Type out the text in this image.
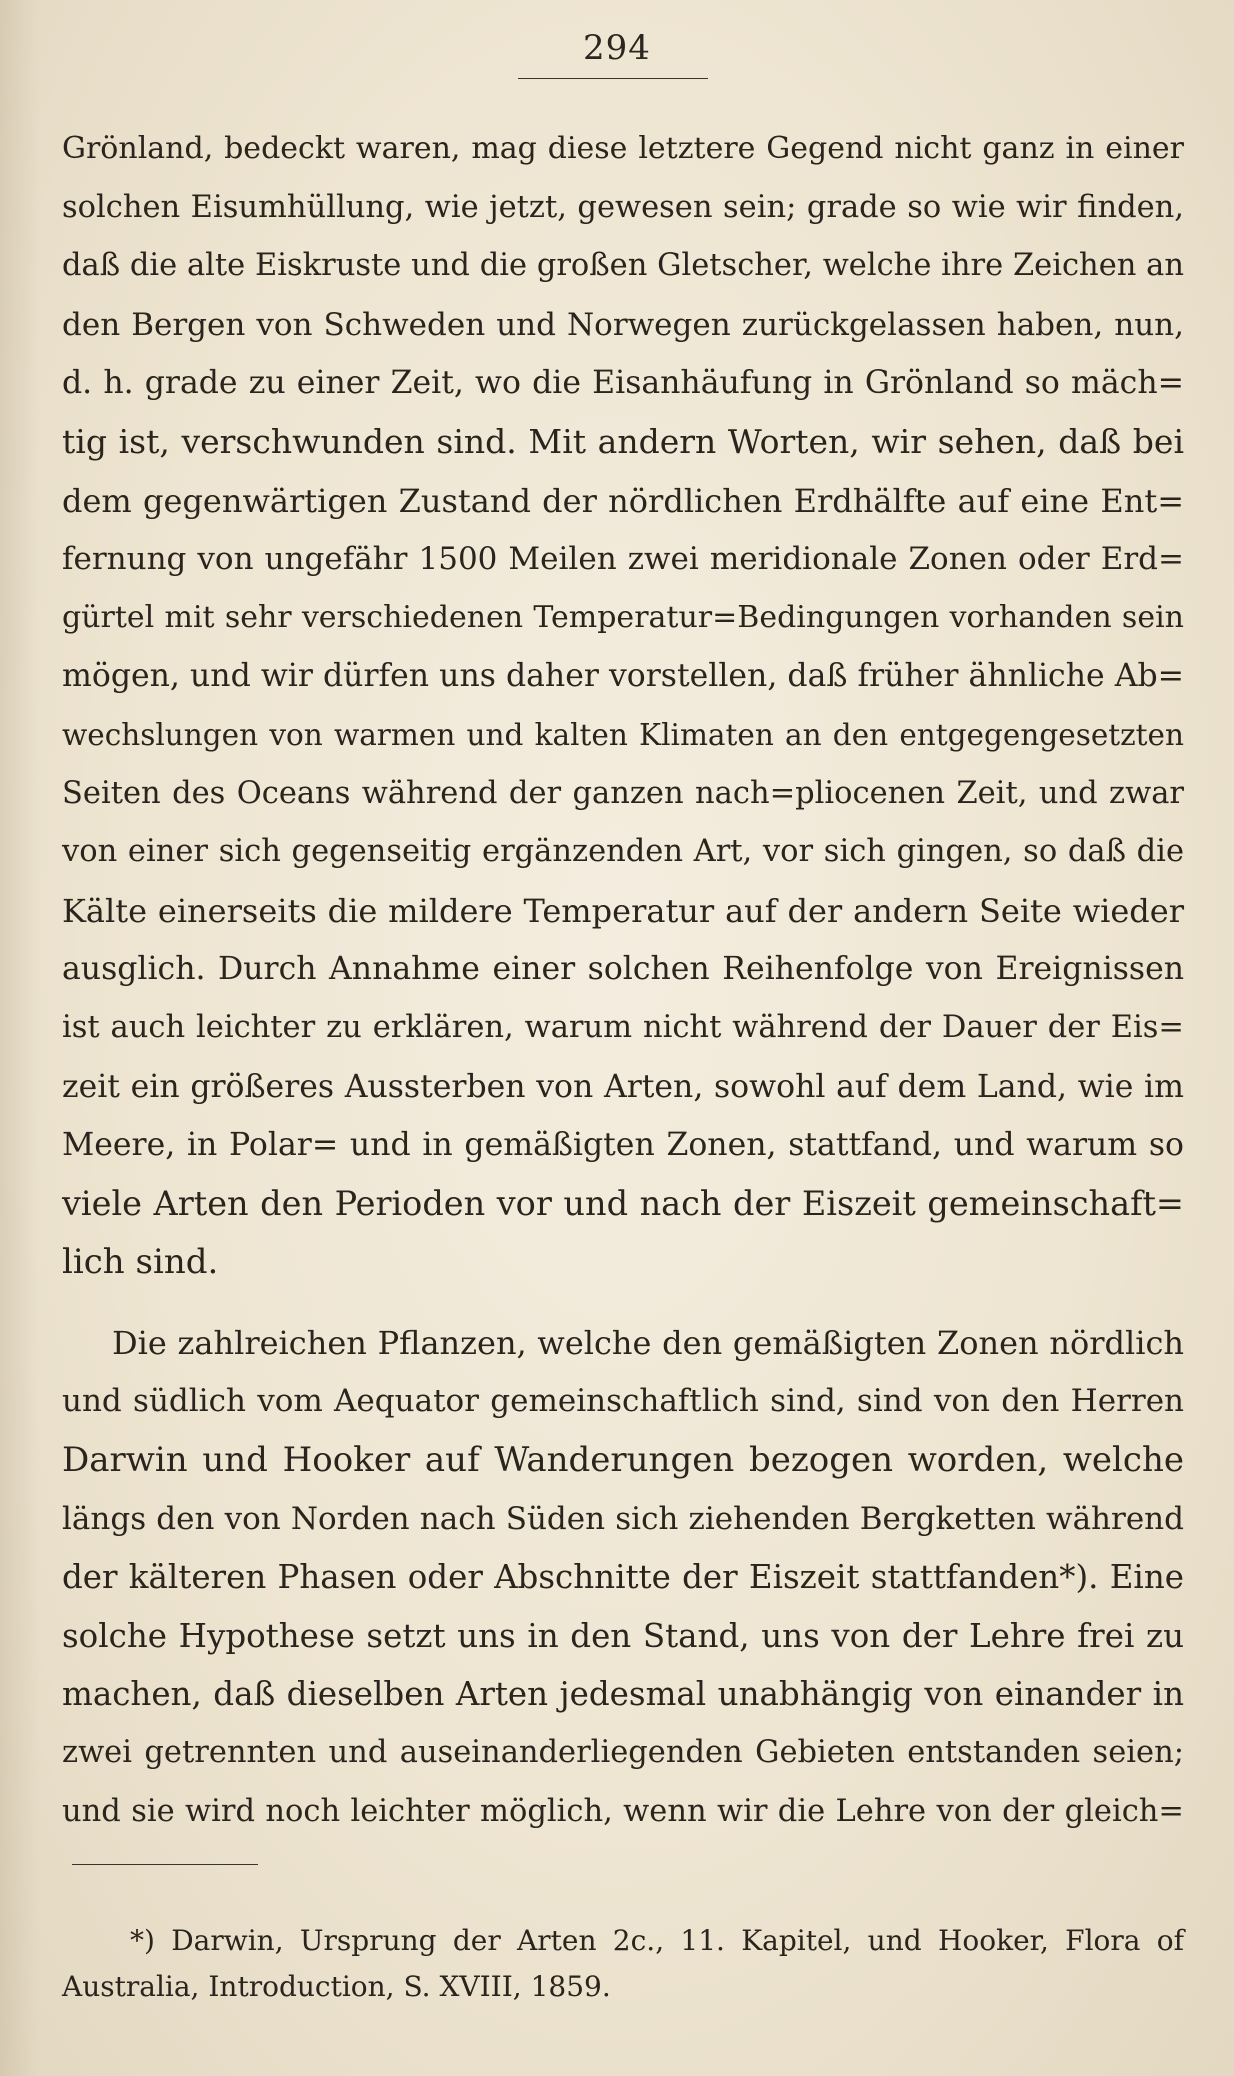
294
Grönland, bedeckt waren, mag diese letztere Gegend nicht ganz in einer
solchen Eisumhüllung, wie jetzt, gewesen sein; grade so wie wir finden,
daß die alte Eiskruste und die großen Gletscher, welche ihre Zeichen an
den Bergen von Schweden und Norwegen zurückgelassen haben, nun,
d. h. grade zu einer Zeit, wo die Eisanhäufung in Grönland so mäch=
tig ist, verschwunden sind. Mit andern Worten, wir sehen, daß bei
dem gegenwärtigen Zustand der nördlichen Erdhälfte auf eine Ent=
fernung von ungefähr 1500 Meilen zwei meridionale Zonen oder Erd=
gürtel mit sehr verschiedenen Temperatur=Bedingungen vorhanden sein
mögen, und wir dürfen uns daher vorstellen, daß früher ähnliche Ab=
wechslungen von warmen und kalten Klimaten an den entgegengesetzten
Seiten des Oceans während der ganzen nach=pliocenen Zeit, und zwar
von einer sich gegenseitig ergänzenden Art, vor sich gingen, so daß die
Kälte einerseits die mildere Temperatur auf der andern Seite wieder
ausglich. Durch Annahme einer solchen Reihenfolge von Ereignissen
ist auch leichter zu erklären, warum nicht während der Dauer der Eis=
zeit ein größeres Aussterben von Arten, sowohl auf dem Land, wie im
Meere, in Polar= und in gemäßigten Zonen, stattfand, und warum so
viele Arten den Perioden vor und nach der Eiszeit gemeinschaft=
lich sind.
Die zahlreichen Pflanzen, welche den gemäßigten Zonen nördlich
und südlich vom Aequator gemeinschaftlich sind, sind von den Herren
Darwin und Hooker auf Wanderungen bezogen worden, welche
längs den von Norden nach Süden sich ziehenden Bergketten während
der kälteren Phasen oder Abschnitte der Eiszeit stattfanden*). Eine
solche Hypothese setzt uns in den Stand, uns von der Lehre frei zu
machen, daß dieselben Arten jedesmal unabhängig von einander in
zwei getrennten und auseinanderliegenden Gebieten entstanden seien;
und sie wird noch leichter möglich, wenn wir die Lehre von der gleich=
*) Darwin, Ursprung der Arten 2c., 11. Kapitel, und Hooker, Flora of
Australia, Introduction, S. XVIII, 1859.
